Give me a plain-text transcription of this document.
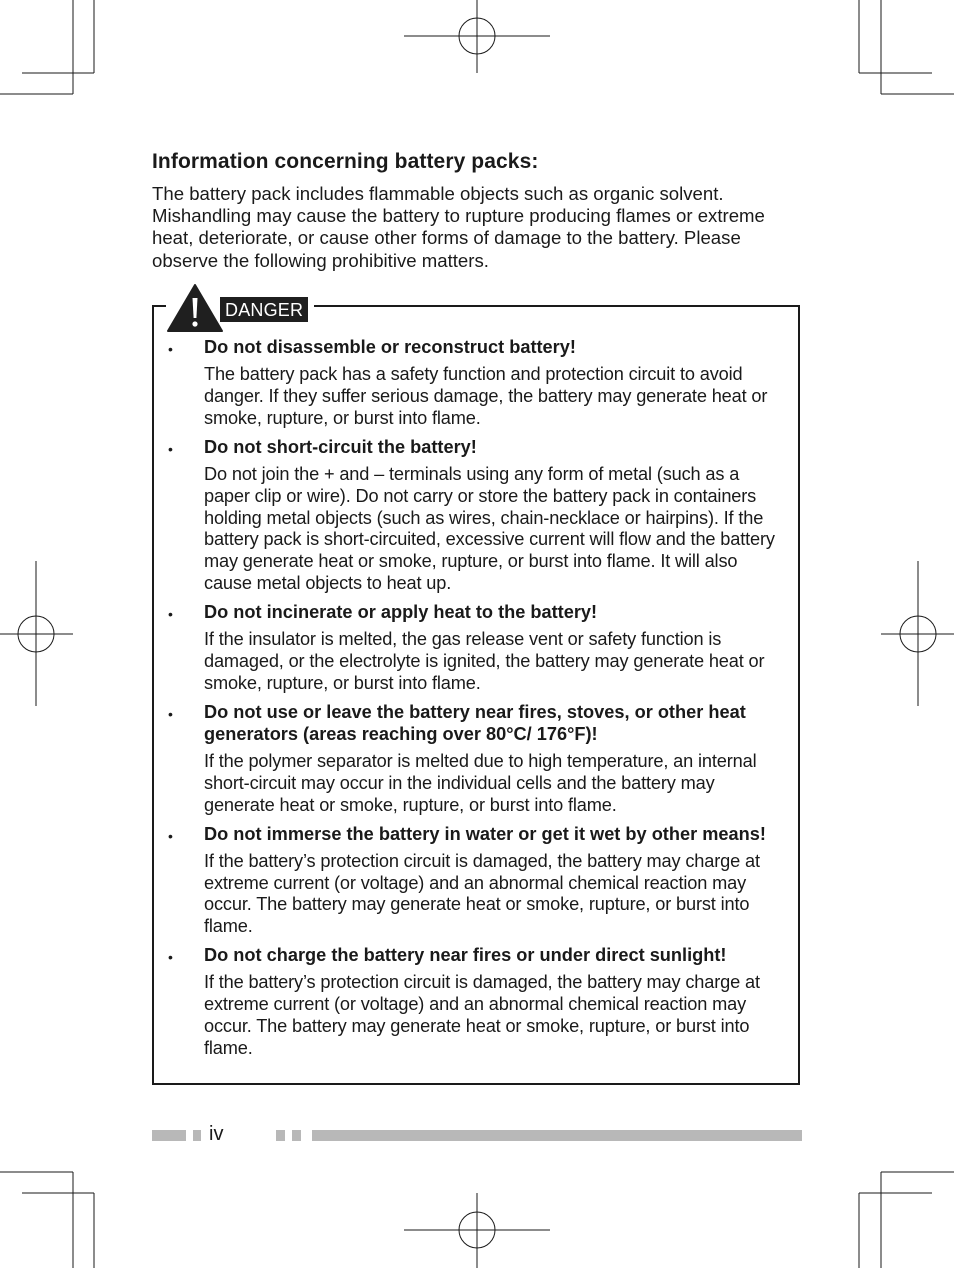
Information concerning battery packs:

The battery pack includes flammable objects such as organic solvent. Mishandling may cause the battery to rupture producing flames or extreme heat, deteriorate, or cause other forms of damage to the battery. Please observe the following prohibitive matters.

DANGER
• Do not disassemble or reconstruct battery!

The battery pack has a safety function and protection circuit to avoid danger. If they suffer serious damage, the battery may generate heat or smoke, rupture, or burst into flame.

• Do not short-circuit the battery!

Do not join the + and – terminals using any form of metal (such as a paper clip or wire). Do not carry or store the battery pack in containers holding metal objects (such as wires, chain-necklace or hairpins). If the battery pack is short-circuited, excessive current will flow and the battery may generate heat or smoke, rupture, or burst into flame. It will also cause metal objects to heat up.

• Do not incinerate or apply heat to the battery!

If the insulator is melted, the gas release vent or safety function is damaged, or the electrolyte is ignited, the battery may generate heat or smoke, rupture, or burst into flame.

• Do not use or leave the battery near fires, stoves, or other heat generators (areas reaching over 80°C/ 176°F)!

If the polymer separator is melted due to high temperature, an internal short-circuit may occur in the individual cells and the battery may generate heat or smoke, rupture, or burst into flame.

• Do not immerse the battery in water or get it wet by other means!

If the battery’s protection circuit is damaged, the battery may charge at extreme current (or voltage) and an abnormal chemical reaction may occur. The battery may generate heat or smoke, rupture, or burst into flame.

• Do not charge the battery near fires or under direct sunlight!

If the battery’s protection circuit is damaged, the battery may charge at extreme current (or voltage) and an abnormal chemical reaction may occur. The battery may generate heat or smoke, rupture, or burst into flame.

iv
